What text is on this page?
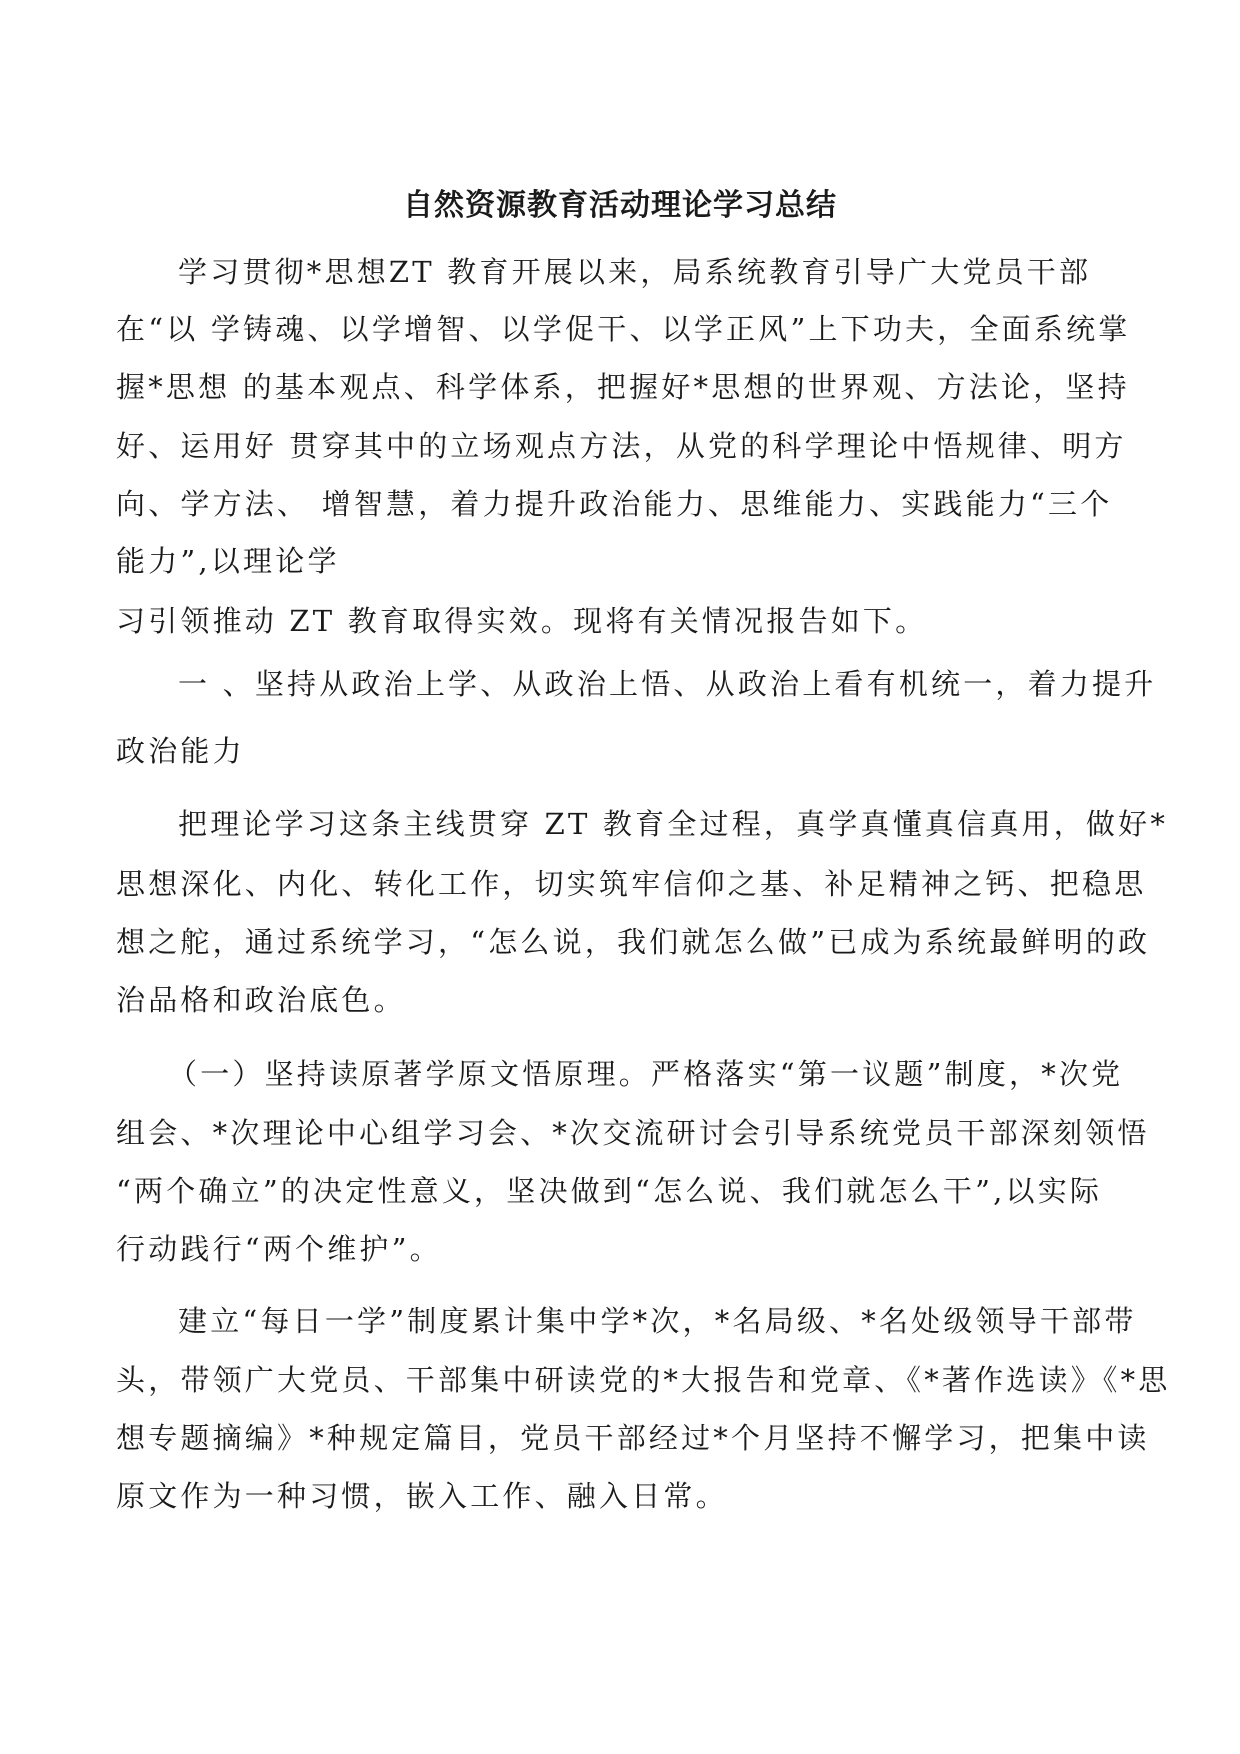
自然资源教育活动理论学习总结
学习贯彻*思想ZT 教育开展以来，局系统教育引导广大党员干部
在“以 学铸魂、以学增智、以学促干、以学正风”上下功夫，全面系统掌
握*思想 的基本观点、科学体系，把握好*思想的世界观、方法论，坚持
好、运用好 贯穿其中的立场观点方法，从党的科学理论中悟规律、明方
向、学方法、 增智慧，着力提升政治能力、思维能力、实践能力“三个
能力”,以理论学
习引领推动 ZT 教育取得实效。现将有关情况报告如下。
一 、坚持从政治上学、从政治上悟、从政治上看有机统一，着力提升
政治能力
把理论学习这条主线贯穿 ZT 教育全过程，真学真懂真信真用，做好*
思想深化、内化、转化工作，切实筑牢信仰之基、补足精神之钙、把稳思
想之舵，通过系统学习，“怎么说，我们就怎么做”已成为系统最鲜明的政
治品格和政治底色。
（一）坚持读原著学原文悟原理。严格落实“第一议题”制度，*次党
组会、*次理论中心组学习会、*次交流研讨会引导系统党员干部深刻领悟
“两个确立”的决定性意义，坚决做到“怎么说、我们就怎么干”,以实际
行动践行“两个维护”。
建立“每日一学”制度累计集中学*次，*名局级、*名处级领导干部带
头，带领广大党员、干部集中研读党的*大报告和党章、《*著作选读》《*思
想专题摘编》*种规定篇目，党员干部经过*个月坚持不懈学习，把集中读
原文作为一种习惯，嵌入工作、融入日常。
